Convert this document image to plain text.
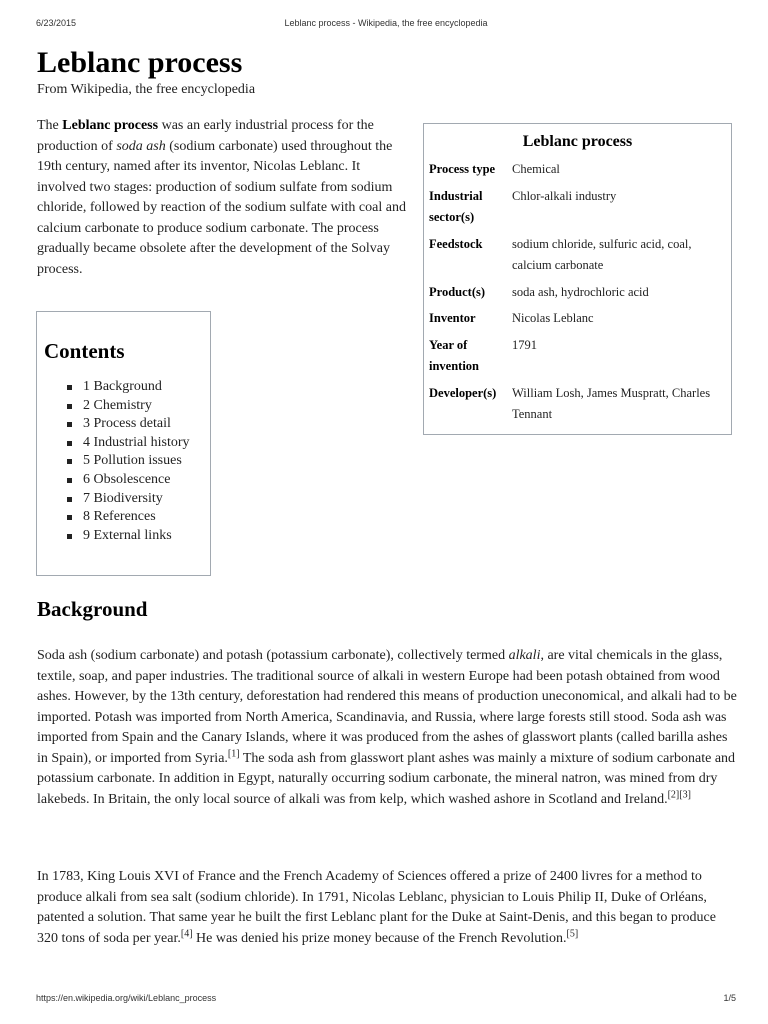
6/23/2015	Leblanc process - Wikipedia, the free encyclopedia
Leblanc process
From Wikipedia, the free encyclopedia

The Leblanc process was an early industrial process for the production of soda ash (sodium carbonate) used throughout the 19th century, named after its inventor, Nicolas Leblanc. It involved two stages: production of sodium sulfate from sodium chloride, followed by reaction of the sodium sulfate with coal and calcium carbonate to produce sodium carbonate. The process gradually became obsolete after the development of the Solvay process.

Leblanc process
Process type	Chemical
Industrial sector(s)	Chlor-alkali industry
Feedstock	sodium chloride, sulfuric acid, coal, calcium carbonate
Product(s)	soda ash, hydrochloric acid
Inventor	Nicolas Leblanc
Year of invention	1791
Developer(s)	William Losh, James Muspratt, Charles Tennant
Contents
1 Background
2 Chemistry
3 Process detail
4 Industrial history
5 Pollution issues
6 Obsolescence
7 Biodiversity
8 References
9 External links
Background

Soda ash (sodium carbonate) and potash (potassium carbonate), collectively termed alkali, are vital chemicals in the glass, textile, soap, and paper industries. The traditional source of alkali in western Europe had been potash obtained from wood ashes. However, by the 13th century, deforestation had rendered this means of production uneconomical, and alkali had to be imported. Potash was imported from North America, Scandinavia, and Russia, where large forests still stood. Soda ash was imported from Spain and the Canary Islands, where it was produced from the ashes of glasswort plants (called barilla ashes in Spain), or imported from Syria.[1] The soda ash from glasswort plant ashes was mainly a mixture of sodium carbonate and potassium carbonate. In addition in Egypt, naturally occurring sodium carbonate, the mineral natron, was mined from dry lakebeds. In Britain, the only local source of alkali was from kelp, which washed ashore in Scotland and Ireland.[2][3]

In 1783, King Louis XVI of France and the French Academy of Sciences offered a prize of 2400 livres for a method to produce alkali from sea salt (sodium chloride). In 1791, Nicolas Leblanc, physician to Louis Philip II, Duke of Orléans, patented a solution. That same year he built the first Leblanc plant for the Duke at Saint-Denis, and this began to produce 320 tons of soda per year.[4] He was denied his prize money because of the French Revolution.[5]

https://en.wikipedia.org/wiki/Leblanc_process	1/5
